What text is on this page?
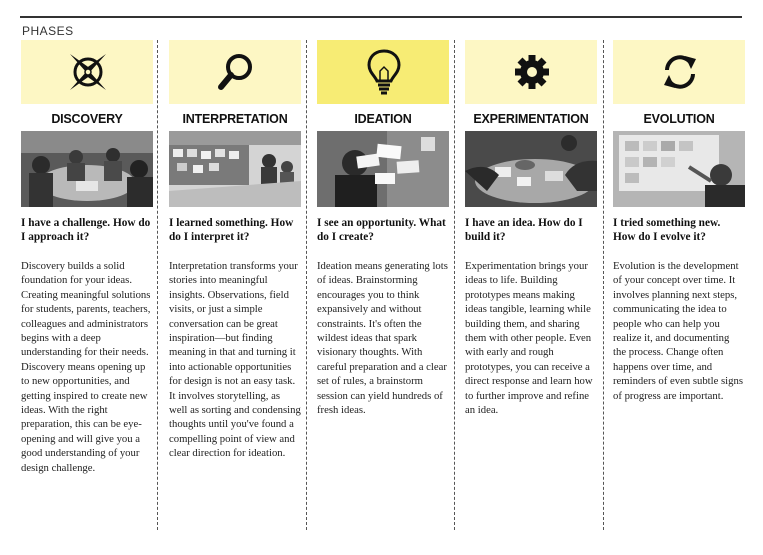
PHASES
DISCOVERY
I have a challenge. How do I approach it?
Discovery builds a solid foundation for your ideas. Creating meaningful solutions for students, parents, teachers, colleagues and administrators begins with a deep understanding for their needs. Discovery means opening up to new opportunities, and getting inspired to create new ideas. With the right preparation, this can be eye-opening and will give you a good understanding of your design challenge.
INTERPRETATION
I learned something. How do I interpret it?
Interpretation transforms your stories into meaningful insights. Observations, field visits, or just a simple conversation can be great inspiration—but finding meaning in that and turning it into actionable opportunities for design is not an easy task. It involves storytelling, as well as sorting and condensing thoughts until you've found a compelling point of view and clear direction for ideation.
IDEATION
I see an opportunity. What do I create?
Ideation means generating lots of ideas. Brainstorming encourages you to think expansively and without constraints. It's often the wildest ideas that spark visionary thoughts. With careful preparation and a clear set of rules, a brainstorm session can yield hundreds of fresh ideas.
EXPERIMENTATION
I have an idea. How do I build it?
Experimentation brings your ideas to life. Building prototypes means making ideas tangible, learning while building them, and sharing them with other people. Even with early and rough prototypes, you can receive a direct response and learn how to further improve and refine an idea.
EVOLUTION
I tried something new. How do I evolve it?
Evolution is the development of your concept over time. It involves planning next steps, communicating the idea to people who can help you realize it, and documenting the process. Change often happens over time, and reminders of even subtle signs of progress are important.
